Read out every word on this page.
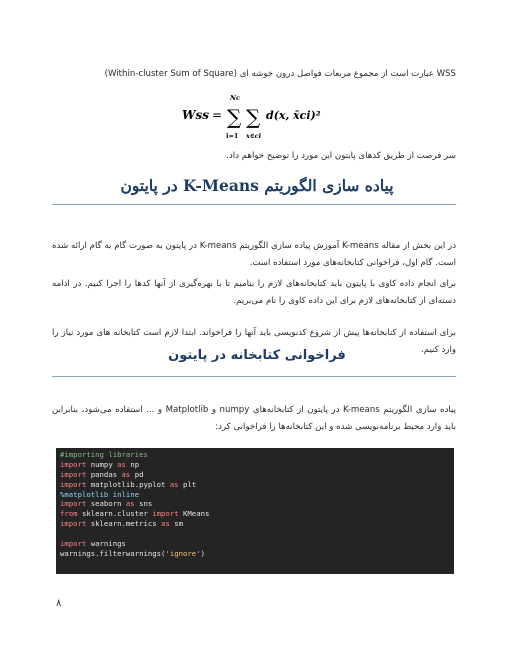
WSS عبارت است از مجموع مربعات فواصل درون خوشه ای (Within-cluster Sum of Square)
Wss =
Nc
∑ ∑
i=1 x∈ci
d(x, x̄ci)²
سر فرصت از طریق کدهای پایتون این مورد را توضیح خواهم داد.
پیاده سازی الگوریتم K-Means در پایتون
در این بخش از مقاله K-means آموزش پیاده سازی الگوریتم K-means در پایتون به صورت گام به گام ارائه شده است. گام اول، فراخوانی کتابخانه‌های مورد استفاده است.
برای انجام داده کاوی با پایتون باید کتابخانه‌های لازم را بنامیم تا با بهره‌گیری از آنها کدها را اجرا کنیم. در ادامه دسته‌ای از کتابخانه‌های لازم برای این داده کاوی را نام می‌بریم.
برای استفاده از کتابخانه‌ها پیش از شروع کدنویسی باید آنها را فراخواند. ابتدا لازم است کتابخانه های مورد نیاز را وارد کنیم.
فراخوانی کتابخانه در پایتون
پیاده سازی الگوریتم K-means در پایتون از کتابخانه‌های numpy و Matplotlib و ... استفاده می‌شود، بنابراین باید وارد محیط برنامه‌نویسی شده و این کتابخانه‌ها را فراخوانی کرد:
#importing libraries
import numpy as np
import pandas as pd
import matplotlib.pyplot as plt
%matplotlib inline
import seaborn as sns
from sklearn.cluster import KMeans
import sklearn.metrics as sm
import warnings
warnings.filterwarnings('ignore')
۸
